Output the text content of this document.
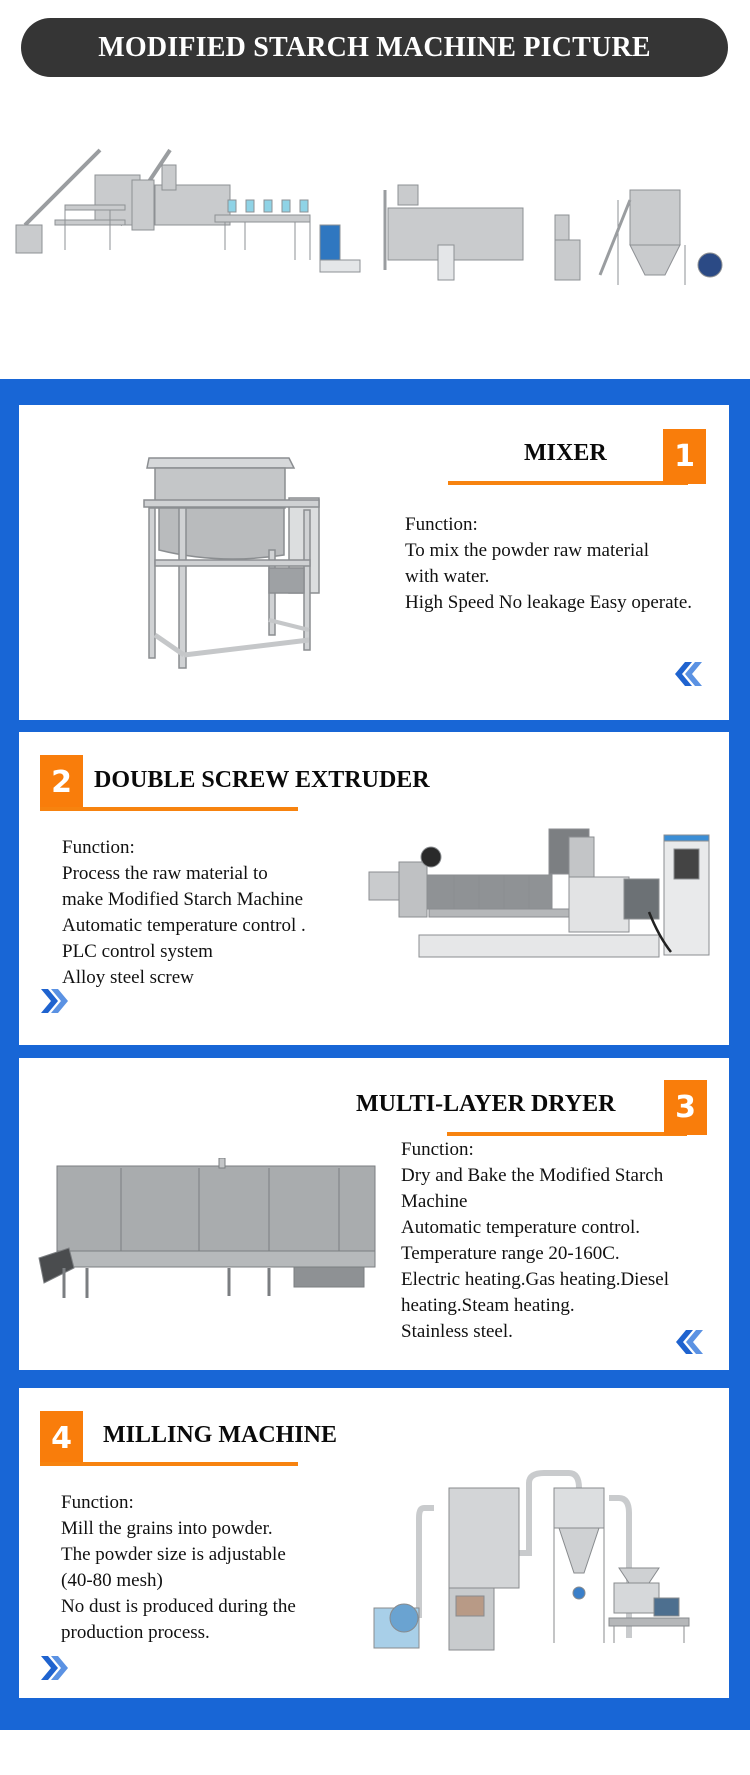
MODIFIED STARCH MACHINE PICTURE
MIXER	1
Function:
To mix the powder raw material
with water.
High Speed No leakage Easy operate.
2 DOUBLE SCREW EXTRUDER
Function:
Process the raw material to
make Modified Starch Machine
Automatic temperature control .
PLC control system
Alloy steel screw
MULTI-LAYER DRYER	3
Function:
Dry and Bake the Modified Starch
Machine
Automatic temperature control.
Temperature range 20-160C.
Electric heating.Gas heating.Diesel
heating.Steam heating.
Stainless steel.
4	MILLING MACHINE
Function:
Mill the grains into powder.
The powder size is adjustable
(40-80 mesh)
No dust is produced during the
production process.
